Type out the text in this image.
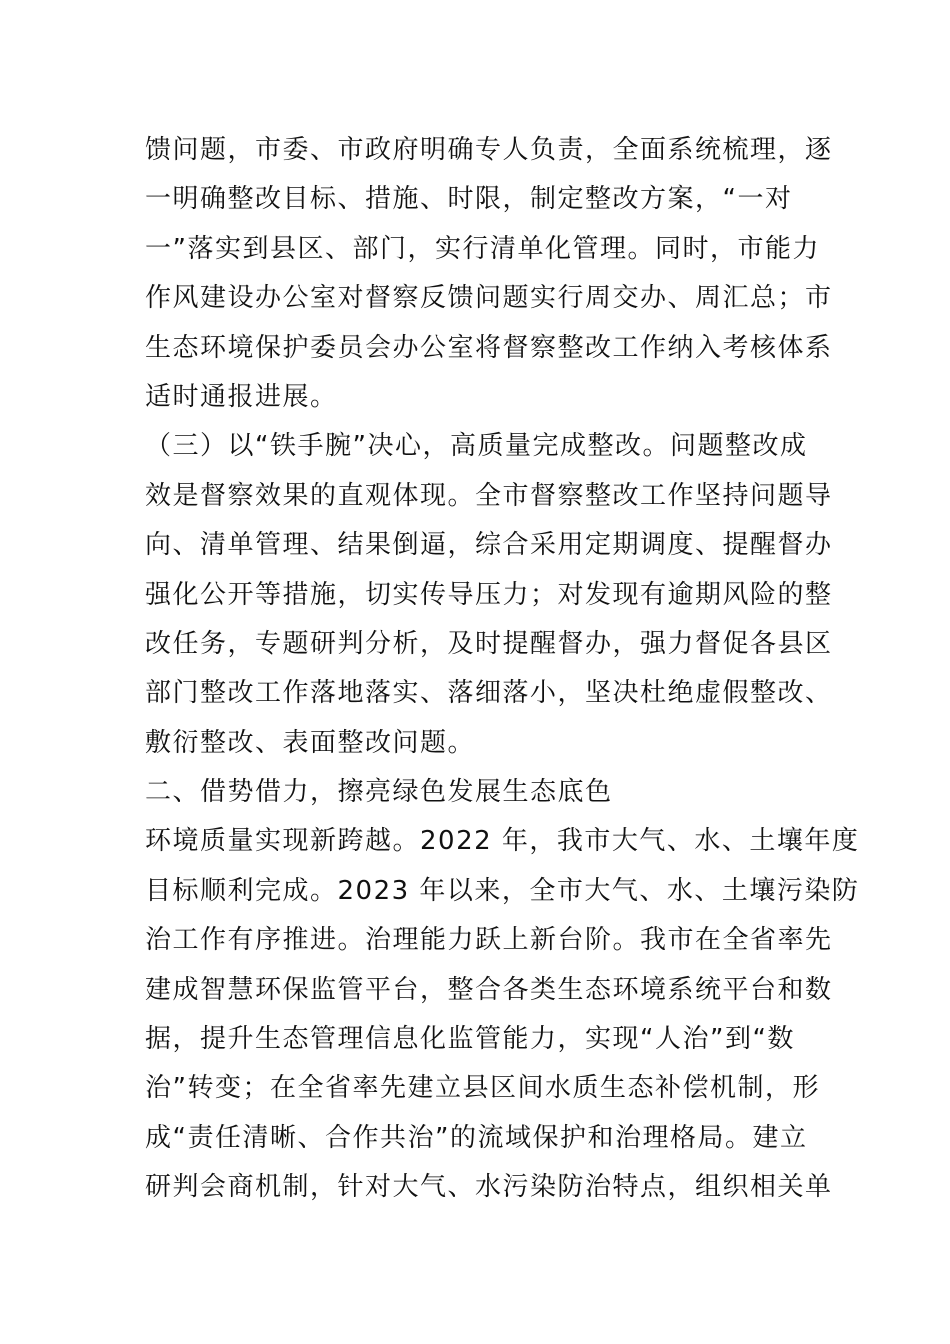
馈问题，市委、市政府明确专人负责，全面系统梳理，逐
一明确整改目标、措施、时限，制定整改方案，“一对
一”落实到县区、部门，实行清单化管理。同时，市能力
作风建设办公室对督察反馈问题实行周交办、周汇总；市
生态环境保护委员会办公室将督察整改工作纳入考核体系
适时通报进展。
（三）以“铁手腕”决心，高质量完成整改。问题整改成
效是督察效果的直观体现。全市督察整改工作坚持问题导
向、清单管理、结果倒逼，综合采用定期调度、提醒督办
强化公开等措施，切实传导压力；对发现有逾期风险的整
改任务，专题研判分析，及时提醒督办，强力督促各县区
部门整改工作落地落实、落细落小，坚决杜绝虚假整改、
敷衍整改、表面整改问题。
二、借势借力，擦亮绿色发展生态底色
环境质量实现新跨越。2022 年，我市大气、水、土壤年度
目标顺利完成。2023 年以来，全市大气、水、土壤污染防
治工作有序推进。治理能力跃上新台阶。我市在全省率先
建成智慧环保监管平台，整合各类生态环境系统平台和数
据，提升生态管理信息化监管能力，实现“人治”到“数
治”转变；在全省率先建立县区间水质生态补偿机制，形
成“责任清晰、合作共治”的流域保护和治理格局。建立
研判会商机制，针对大气、水污染防治特点，组织相关单
